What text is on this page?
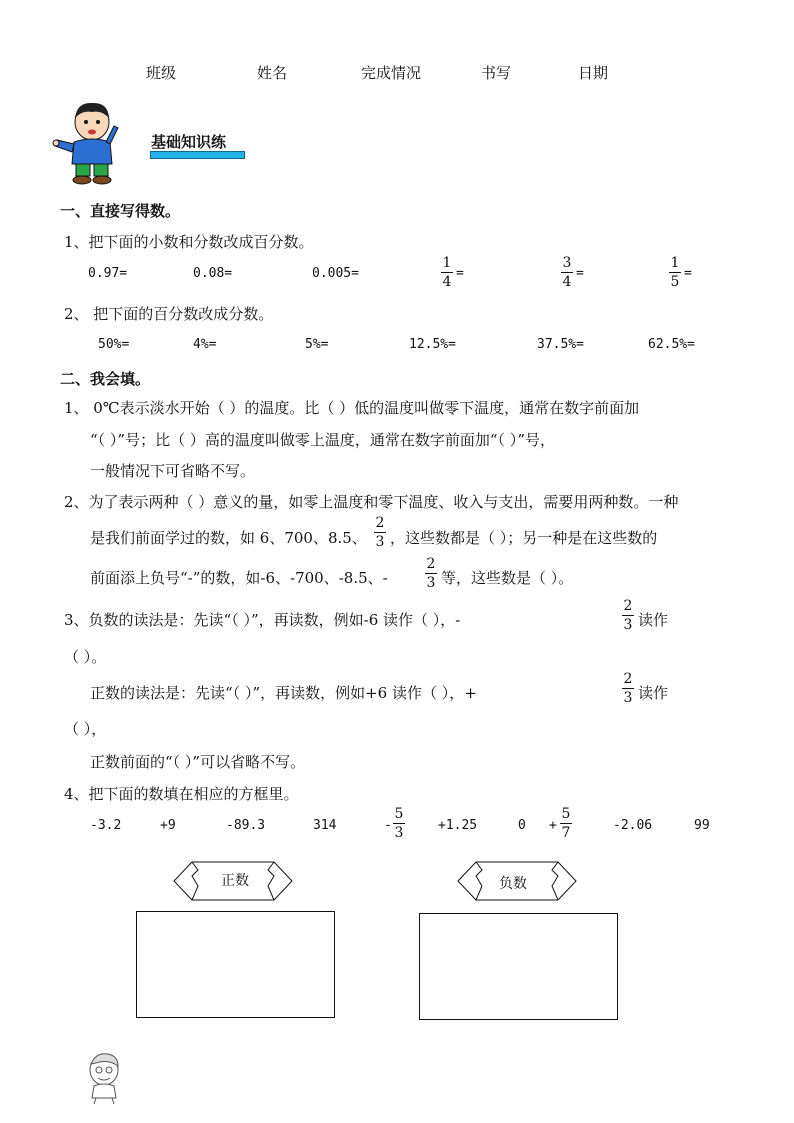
班级	姓名	完成情况	书写	日期
基础知识练
一、直接写得数。
1、把下面的小数和分数改成百分数。
0.97=	0.08=	0.005=
1
4
=
3
4
=
1
5
=
2、 把下面的百分数改成分数。
50%=	4%=	5%=	12.5%=	37.5%=	62.5%=
二、我会填。
1、 0℃表示淡水开始（ ）的温度。比（ ）低的温度叫做零下温度，通常在数字前面加
“（ ）”号；比（ ）高的温度叫做零上温度，通常在数字前面加“（ ）”号，
一般情况下可省略不写。
2、为了表示两种（ ）意义的量，如零上温度和零下温度、收入与支出，需要用两种数。一种
是我们前面学过的数，如 6、700、8.5、
2
3 ，这些数都是（ ）；另一种是在这些数的
前面添上负号“-”的数，如-6、-700、-8.5、-
2
3 等，这些数是（ ）。
3、负数的读法是：先读“（ ）”，再读数，例如-6 读作（ ），-
2
3 读作
（ ）。
正数的读法是：先读“（ ）”，再读数，例如+6 读作（ ），+
2
3 读作
（ ），
正数前面的“（ ）”可以省略不写。
4、把下面的数填在相应的方框里。
-3.2	+9	-89.3	314	-
5
3	+1.25	0 +
5
7	-2.06	99
正数	负数
